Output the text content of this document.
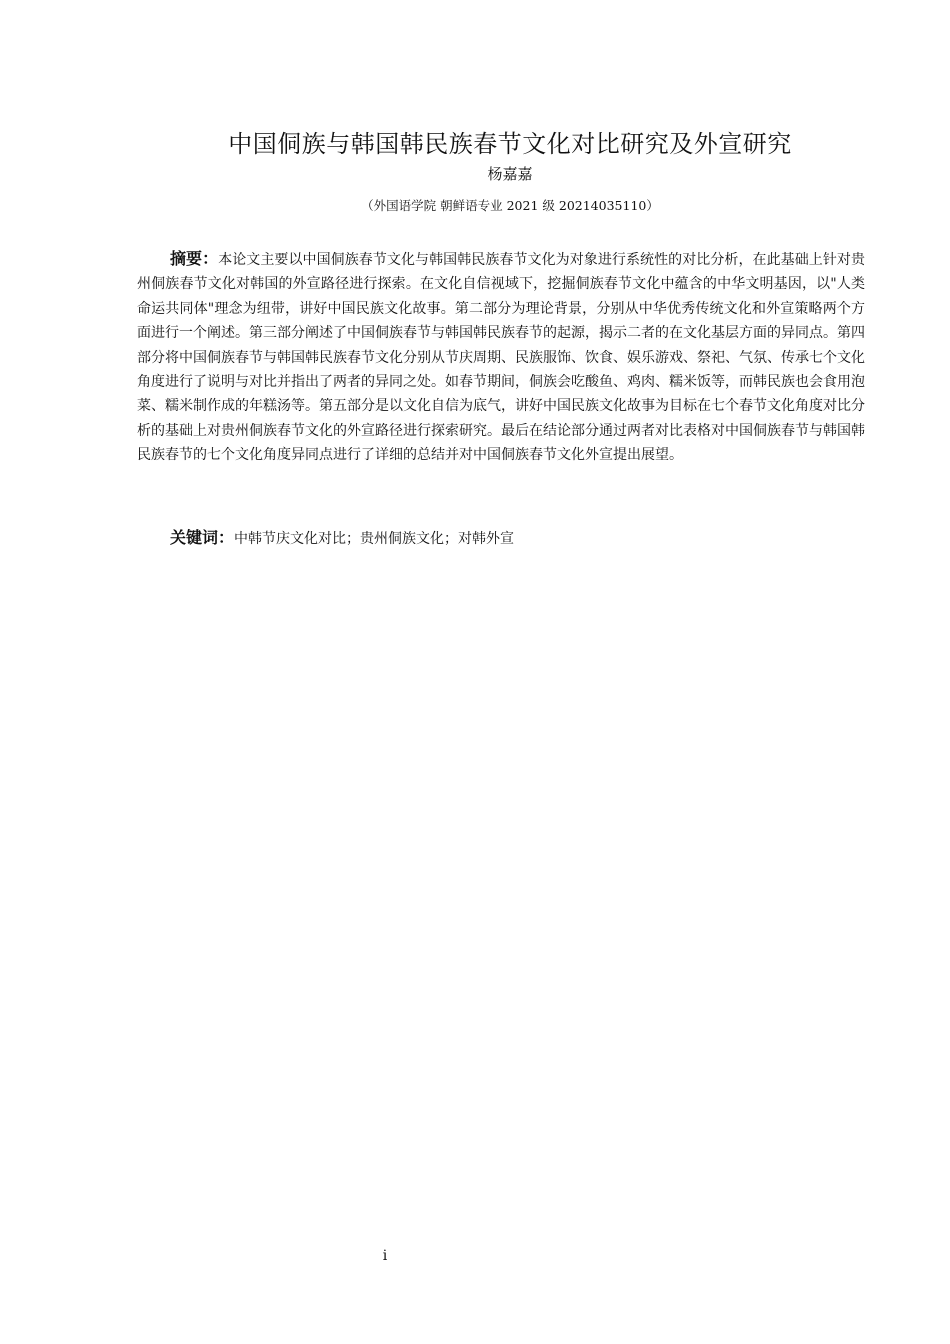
中国侗族与韩国韩民族春节文化对比研究及外宣研究
杨嘉嘉
（外国语学院 朝鲜语专业 2021 级 20214035110）

摘要：本论文主要以中国侗族春节文化与韩国韩民族春节文化为对象进行系统性的对比分析，在此基础上针对贵州侗族春节文化对韩国的外宣路径进行探索。在文化自信视域下，挖掘侗族春节文化中蕴含的中华文明基因，以"人类命运共同体"理念为纽带，讲好中国民族文化故事。第二部分为理论背景，分别从中华优秀传统文化和外宣策略两个方面进行一个阐述。第三部分阐述了中国侗族春节与韩国韩民族春节的起源，揭示二者的在文化基层方面的异同点。第四部分将中国侗族春节与韩国韩民族春节文化分别从节庆周期、民族服饰、饮食、娱乐游戏、祭祀、气氛、传承七个文化角度进行了说明与对比并指出了两者的异同之处。如春节期间，侗族会吃酸鱼、鸡肉、糯米饭等，而韩民族也会食用泡菜、糯米制作成的年糕汤等。第五部分是以文化自信为底气，讲好中国民族文化故事为目标在七个春节文化角度对比分析的基础上对贵州侗族春节文化的外宣路径进行探索研究。最后在结论部分通过两者对比表格对中国侗族春节与韩国韩民族春节的七个文化角度异同点进行了详细的总结并对中国侗族春节文化外宣提出展望。

关键词：中韩节庆文化对比；贵州侗族文化；对韩外宣
i
